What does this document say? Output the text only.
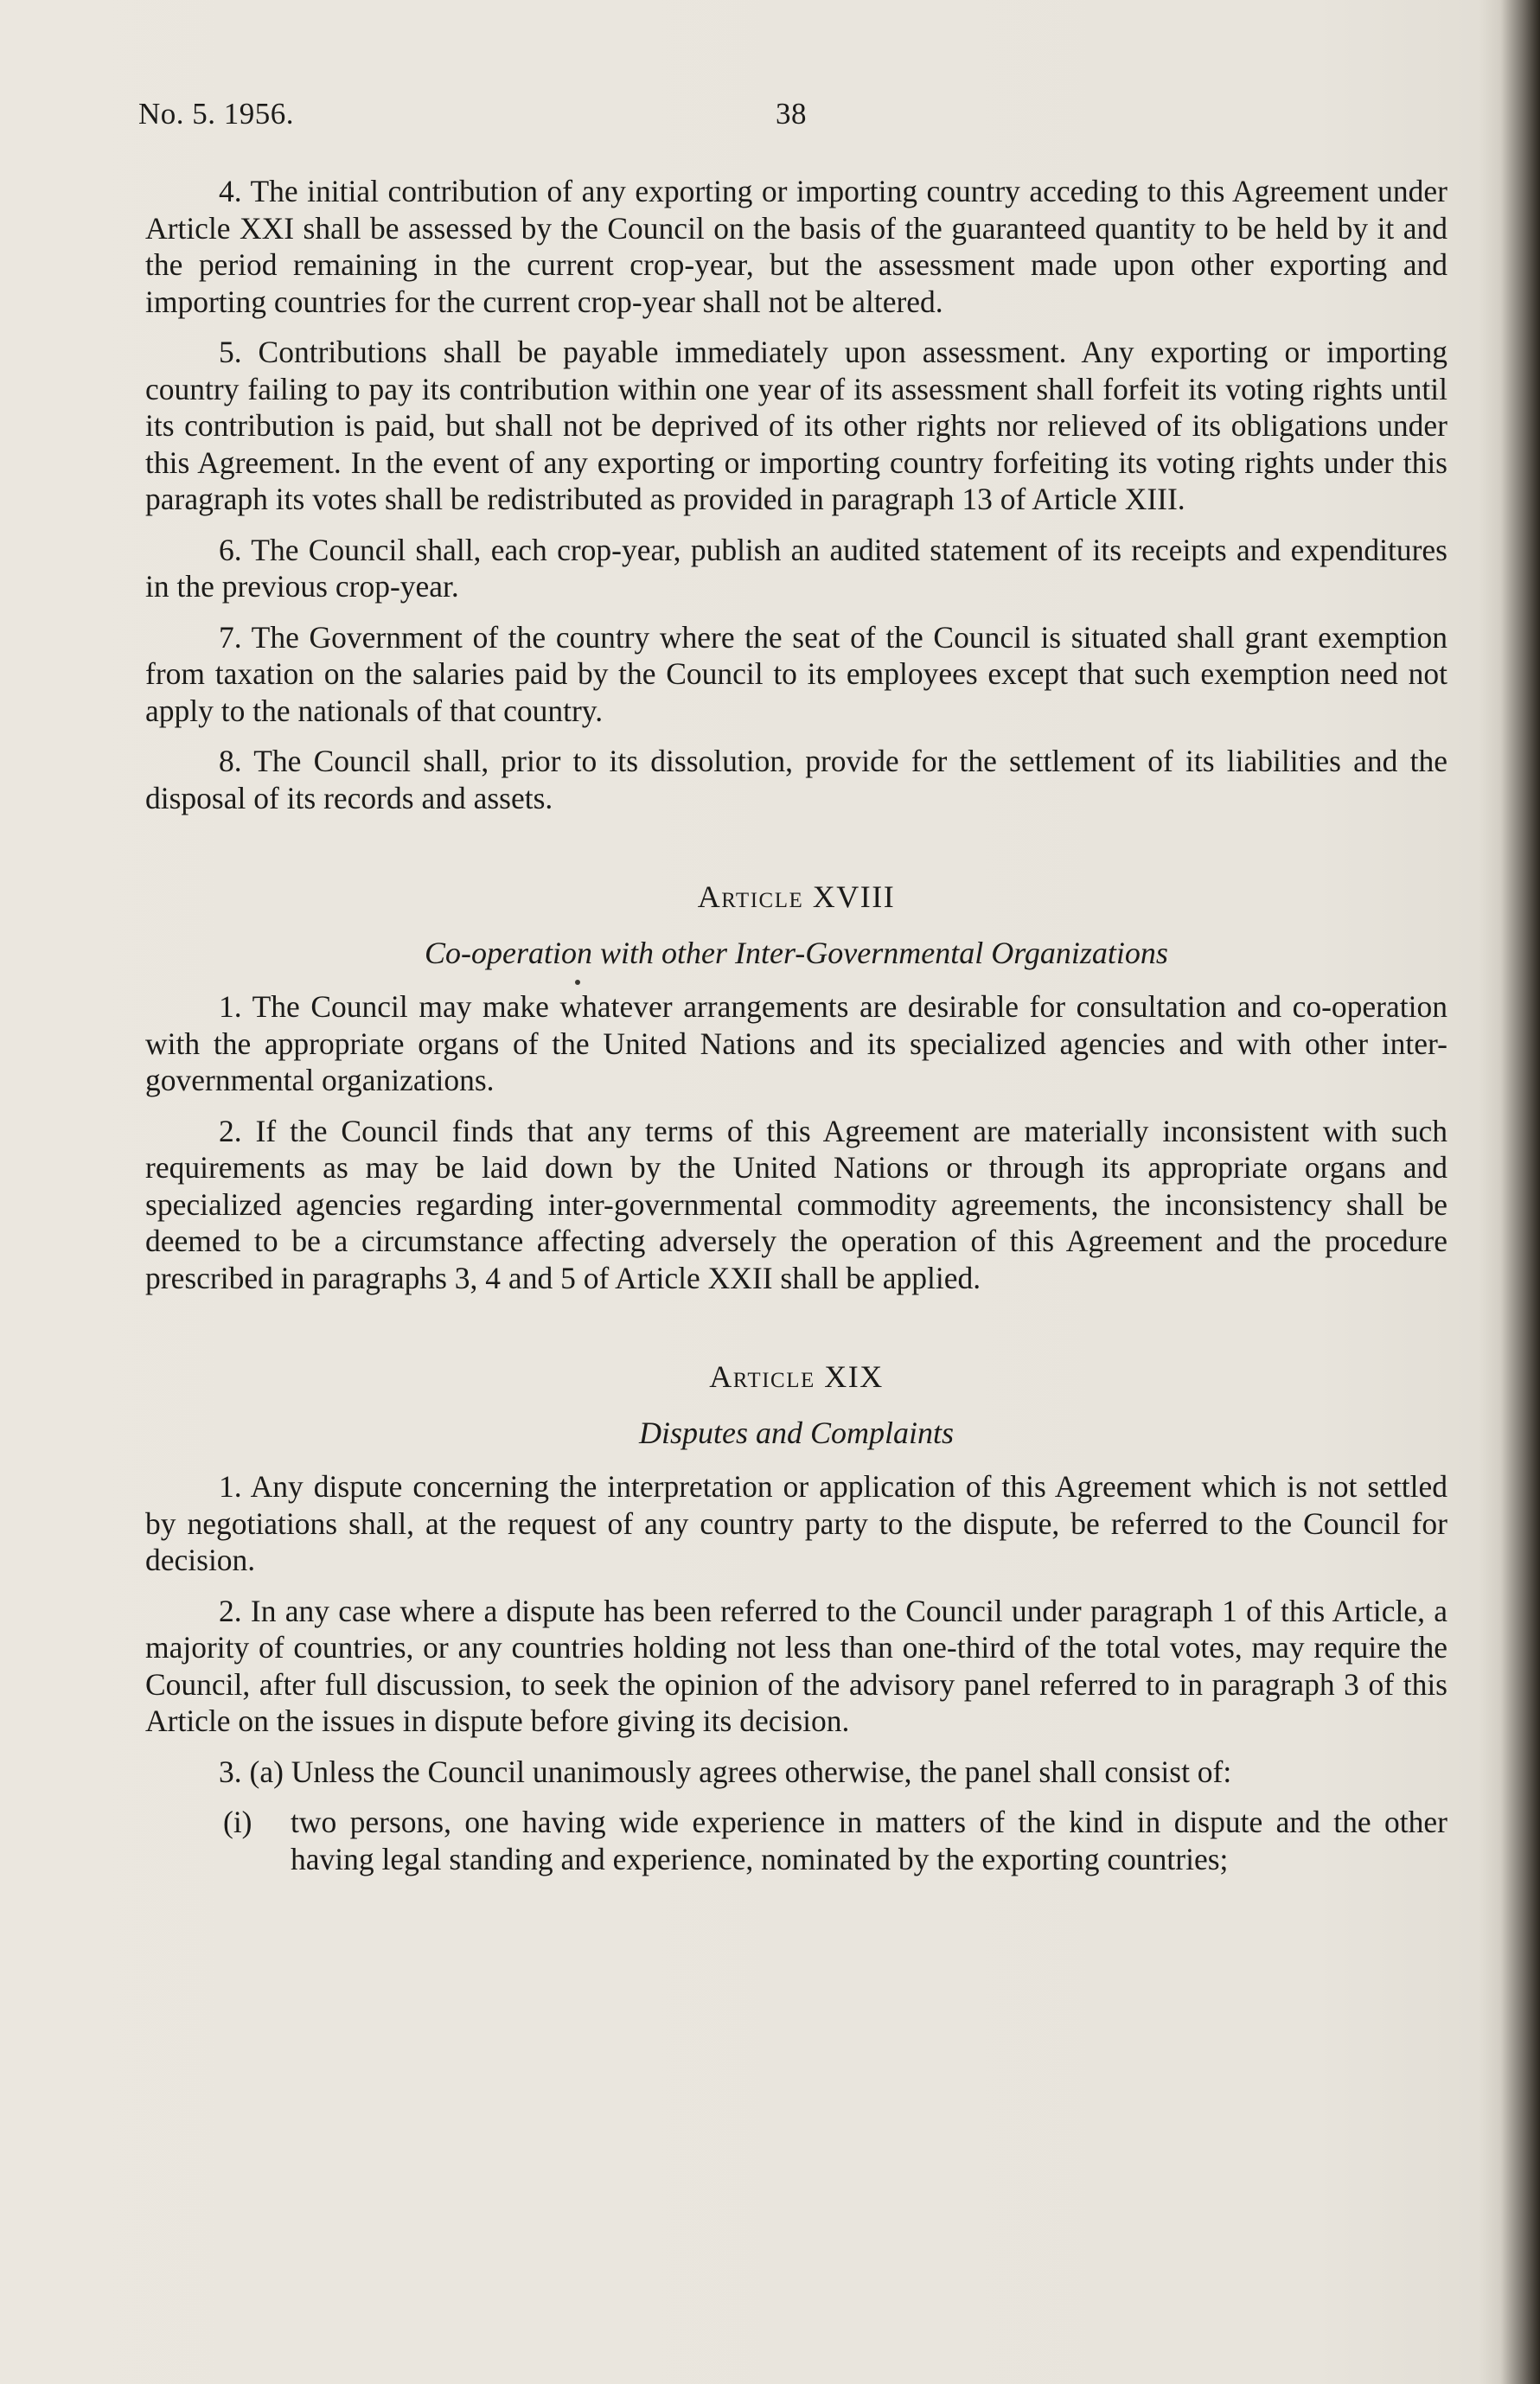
No. 5. 1956.	38

4. The initial contribution of any exporting or importing country acceding to this Agreement under Article XXI shall be assessed by the Council on the basis of the guaranteed quantity to be held by it and the period remaining in the current crop-year, but the assessment made upon other exporting and importing countries for the current crop-year shall not be altered.

5. Contributions shall be payable immediately upon assessment. Any exporting or importing country failing to pay its contribution within one year of its assessment shall forfeit its voting rights until its contribution is paid, but shall not be deprived of its other rights nor relieved of its obligations under this Agreement. In the event of any exporting or importing country forfeiting its voting rights under this paragraph its votes shall be redistributed as provided in paragraph 13 of Article XIII.

6. The Council shall, each crop-year, publish an audited statement of its receipts and expenditures in the previous crop-year.

7. The Government of the country where the seat of the Council is situated shall grant exemption from taxation on the salaries paid by the Council to its employees except that such exemption need not apply to the nationals of that country.

8. The Council shall, prior to its dissolution, provide for the settlement of its liabilities and the disposal of its records and assets.

Article XVIII
Co-operation with other Inter-Governmental Organizations

1. The Council may make whatever arrangements are desirable for consultation and co-operation with the appropriate organs of the United Nations and its specialized agencies and with other inter-governmental organizations.

2. If the Council finds that any terms of this Agreement are materially inconsistent with such requirements as may be laid down by the United Nations or through its appropriate organs and specialized agencies regarding inter-governmental commodity agreements, the inconsistency shall be deemed to be a circumstance affecting adversely the operation of this Agreement and the procedure prescribed in paragraphs 3, 4 and 5 of Article XXII shall be applied.

Article XIX
Disputes and Complaints

1. Any dispute concerning the interpretation or application of this Agreement which is not settled by negotiations shall, at the request of any country party to the dispute, be referred to the Council for decision.

2. In any case where a dispute has been referred to the Council under paragraph 1 of this Article, a majority of countries, or any countries holding not less than one-third of the total votes, may require the Council, after full discussion, to seek the opinion of the advisory panel referred to in paragraph 3 of this Article on the issues in dispute before giving its decision.

3. (a) Unless the Council unanimously agrees otherwise, the panel shall consist of:

(i)	two persons, one having wide experience in matters of the kind in dispute and the other having legal standing and experience, nominated by the exporting countries;
